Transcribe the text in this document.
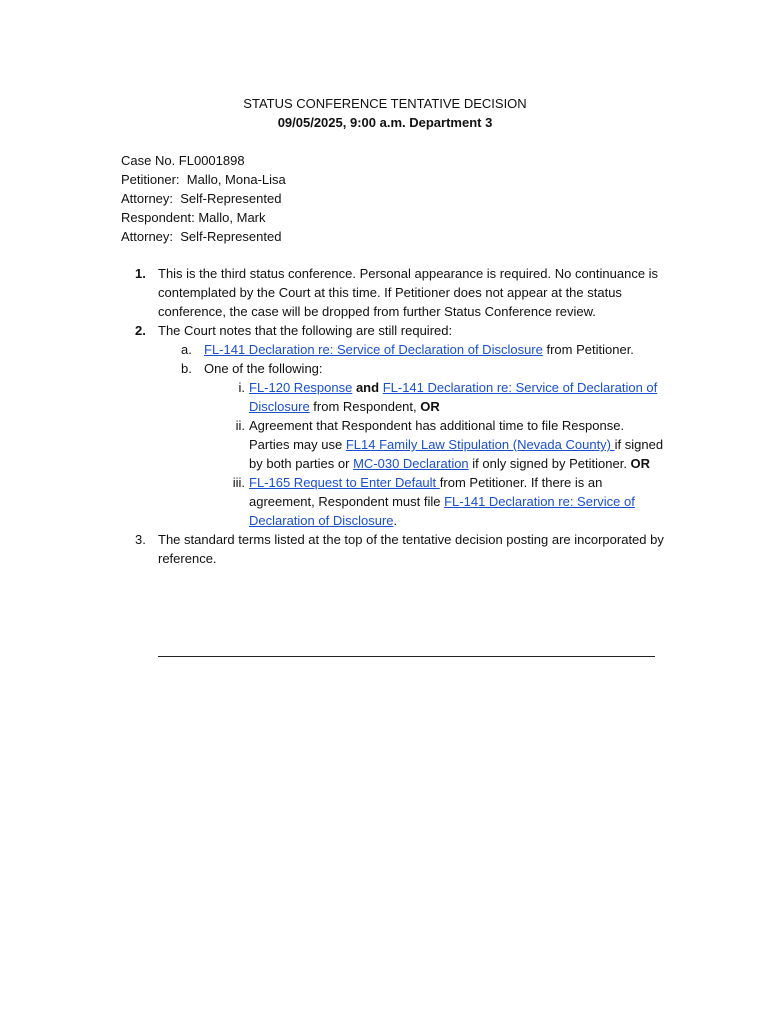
STATUS CONFERENCE TENTATIVE DECISION
09/05/2025, 9:00 a.m. Department 3
Case No. FL0001898
Petitioner:  Mallo, Mona-Lisa
Attorney:  Self-Represented
Respondent: Mallo, Mark
Attorney:  Self-Represented
1. This is the third status conference. Personal appearance is required. No continuance is contemplated by the Court at this time. If Petitioner does not appear at the status conference, the case will be dropped from further Status Conference review.
2. The Court notes that the following are still required:
a. FL-141 Declaration re: Service of Declaration of Disclosure from Petitioner.
b. One of the following:
i. FL-120 Response and FL-141 Declaration re: Service of Declaration of Disclosure from Respondent, OR
ii. Agreement that Respondent has additional time to file Response. Parties may use FL14 Family Law Stipulation (Nevada County) if signed by both parties or MC-030 Declaration if only signed by Petitioner. OR
iii. FL-165 Request to Enter Default from Petitioner. If there is an agreement, Respondent must file FL-141 Declaration re: Service of Declaration of Disclosure.
3. The standard terms listed at the top of the tentative decision posting are incorporated by reference.
